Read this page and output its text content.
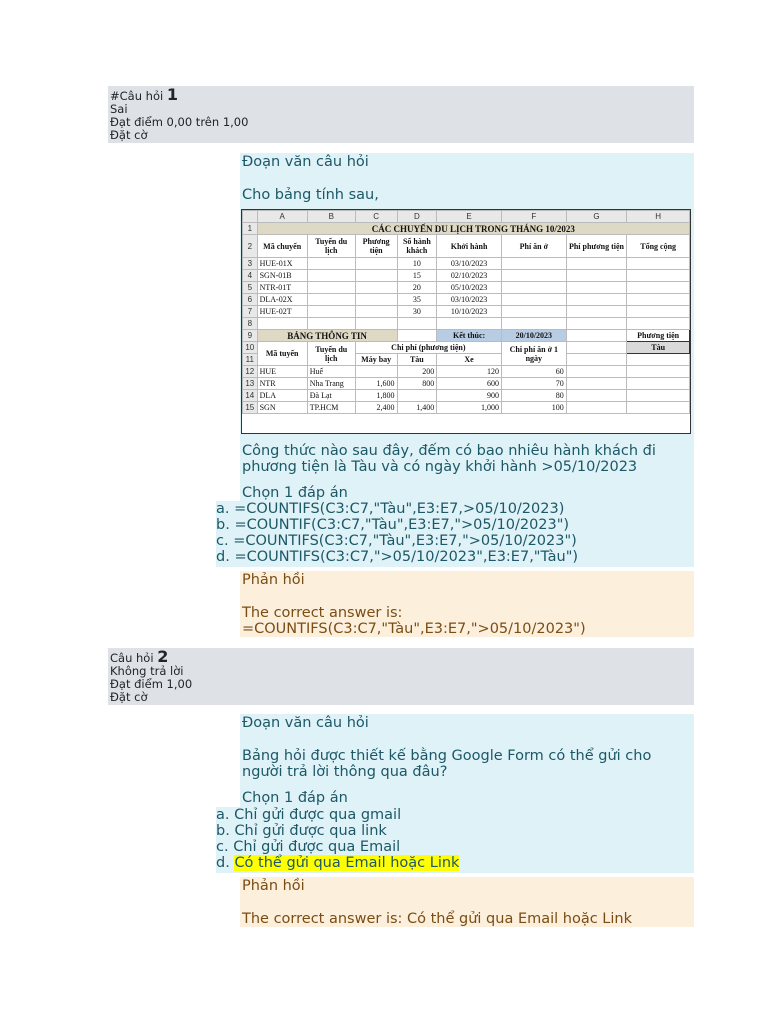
#Câu hỏi 1
Sai
Đạt điểm 0,00 trên 1,00
Đặt cờ

Đoạn văn câu hỏi

Cho bảng tính sau,

	A	B	C	D	E	F	G	H
1	CÁC CHUYẾN DU LỊCH TRONG THÁNG 10/2023							
2	Mã chuyến	Tuyến du lịch	Phương tiện	Số hành khách	Khởi hành	Phí ăn ở	Phí phương tiện	Tổng cộng
3	HUE-01X			10	03/10/2023			
4	SGN-01B			15	02/10/2023			
5	NTR-01T			20	05/10/2023			
6	DLA-02X			35	03/10/2023			
7	HUE-02T			30	10/10/2023			
8								
9	BẢNG THÔNG TIN				Kết thúc:	20/10/2023		Phương tiện
10	Mã tuyến	Tuyến du lịch	Chi phí (phương tiện)			Chi phí ăn ở 1 ngày		Tàu
11			Máy bay	Tàu	Xe			
12	HUE	Huế		200	120	60		
13	NTR	Nha Trang	1,600	800	600	70		
14	DLA	Đà Lạt	1,800		900	80		
15	SGN	TP.HCM	2,400	1,400	1,000	100		

Công thức nào sau đây, đếm có bao nhiêu hành khách đi phương tiện là Tàu và có ngày khởi hành >05/10/2023

Chọn 1 đáp án

a. =COUNTIFS(C3:C7,"Tàu",E3:E7,>05/10/2023)
b. =COUNTIF(C3:C7,"Tàu",E3:E7,">05/10/2023")
c. =COUNTIFS(C3:C7,"Tàu",E3:E7,">05/10/2023")
d. =COUNTIFS(C3:C7,">05/10/2023",E3:E7,"Tàu")

Phản hồi

The correct answer is:

=COUNTIFS(C3:C7,"Tàu",E3:E7,">05/10/2023")

Câu hỏi 2
Không trả lời
Đạt điểm 1,00
Đặt cờ

Đoạn văn câu hỏi

Bảng hỏi được thiết kế bằng Google Form có thể gửi cho người trả lời thông qua đâu?

Chọn 1 đáp án

a. Chỉ gửi được qua gmail
b. Chỉ gửi được qua link
c. Chỉ gửi được qua Email
d. Có thể gửi qua Email hoặc Link

Phản hồi

The correct answer is: Có thể gửi qua Email hoặc Link
